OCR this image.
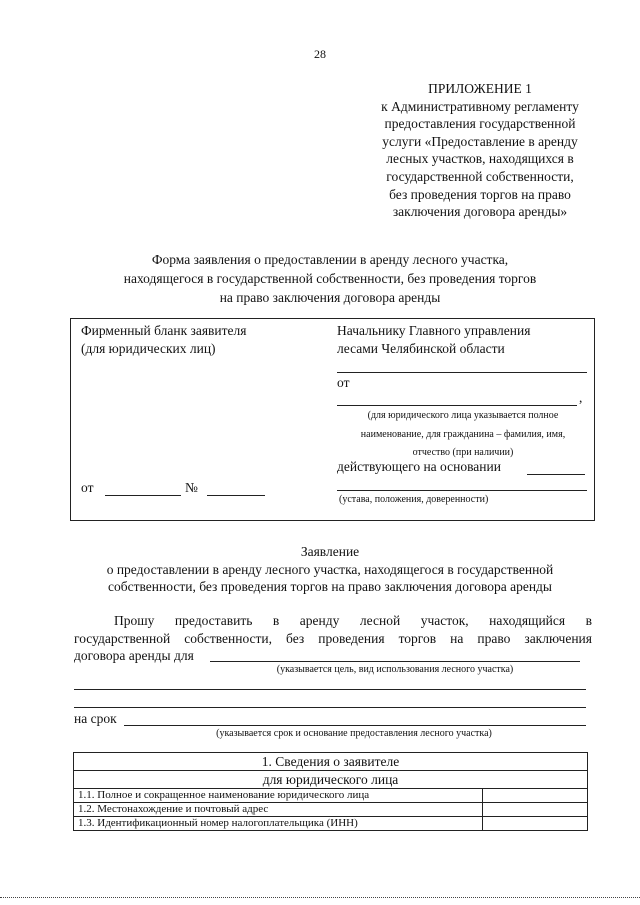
28
ПРИЛОЖЕНИЕ 1
к Административному регламенту
предоставления государственной
услуги «Предоставление в аренду
лесных участков, находящихся в
государственной собственности,
без проведения торгов на право
заключения договора аренды»
Форма заявления о предоставлении в аренду лесного участка,
находящегося в государственной собственности, без проведения торгов
на право заключения договора аренды
Фирменный бланк заявителя
(для юридических лиц)
Начальнику Главного управления
лесами Челябинской области
от
,
(для юридического лица указывается полное
наименование, для гражданина – фамилия, имя,
отчество (при наличии)
действующего на основании
(устава, положения, доверенности)
от	№
Заявление
о предоставлении в аренду лесного участка, находящегося в государственной
собственности, без проведения торгов на право заключения договора аренды
Прошу предоставить в аренду лесной участок, находящийся в
государственной собственности, без проведения торгов на право заключения
договора аренды для
(указывается цель, вид использования лесного участка)
на срок
(указывается срок и основание предоставления лесного участка)
1. Сведения о заявителе	
для юридического лица	
1.1. Полное и сокращенное наименование юридического лица	
1.2. Местонахождение и почтовый адрес	
1.3. Идентификационный номер налогоплательщика (ИНН)	
